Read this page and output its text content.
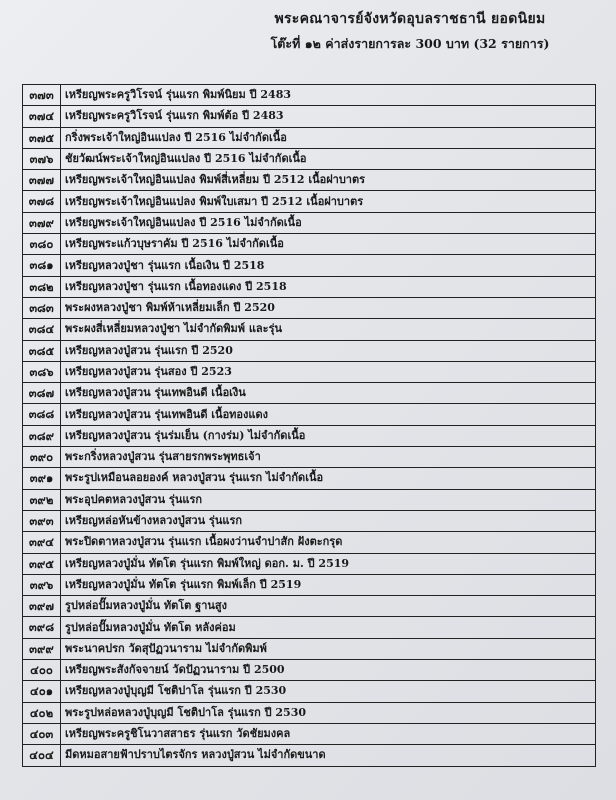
พระคณาจารย์จังหวัดอุบลราชธานี ยอดนิยม

โต๊ะที่ ๑๒ ค่าส่งรายการละ 300 บาท (32 รายการ)

๓๗๓	เหรียญพระครูวิโรจน์ รุ่นแรก พิมพ์นิยม ปี 2483
๓๗๔ เหรียญพระครูวิโรจน์ รุ่นแรก พิมพ์ต้อ ปี 2483
๓๗๕ กริ่งพระเจ้าใหญ่อินแปลง ปี 2516 ไม่จำกัดเนื้อ
๓๗๖	ชัยวัฒน์พระเจ้าใหญ่อินแปลง ปี 2516 ไม่จำกัดเนื้อ
๓๗๗ เหรียญพระเจ้าใหญ่อินแปลง พิมพ์สี่เหลี่ยม ปี 2512 เนื้อฝาบาตร
๓๗๘ เหรียญพระเจ้าใหญ่อินแปลง พิมพ์ใบเสมา ปี 2512 เนื้อฝาบาตร
๓๗๙	เหรียญพระเจ้าใหญ่อินแปลง ปี 2516 ไม่จำกัดเนื้อ
๓๘๐	เหรียญพระแก้วบุษราคัม ปี 2516 ไม่จำกัดเนื้อ
๓๘๑	เหรียญหลวงปู่ชา รุ่นแรก เนื้อเงิน ปี 2518
๓๘๒	เหรียญหลวงปู่ชา รุ่นแรก เนื้อทองแดง ปี 2518
๓๘๓	พระผงหลวงปู่ชา พิมพ์ห้าเหลี่ยมเล็ก ปี 2520
๓๘๔ พระผงสี่เหลี่ยมหลวงปู่ชา ไม่จำกัดพิมพ์ และรุ่น
๓๘๕ เหรียญหลวงปู่สวน รุ่นแรก ปี 2520
๓๘๖	เหรียญหลวงปู่สวน รุ่นสอง ปี 2523
๓๘๗ เหรียญหลวงปู่สวน รุ่นเทพอินดี เนื้อเงิน
๓๘๘ เหรียญหลวงปู่สวน รุ่นเทพอินดี เนื้อทองแดง
๓๘๙ เหรียญหลวงปู่สวน รุ่นร่มเย็น (กางร่ม) ไม่จำกัดเนื้อ
๓๙๐	พระกริ่งหลวงปู่สวน รุ่นสายรกพระพุทธเจ้า
๓๙๑	พระรูปเหมือนลอยองค์ หลวงปู่สวน รุ่นแรก ไม่จำกัดเนื้อ
๓๙๒	พระอุปคตหลวงปู่สวน รุ่นแรก
๓๙๓	เหรียญหล่อหันข้างหลวงปู่สวน รุ่นแรก
๓๙๔	พระปิดตาหลวงปู่สวน รุ่นแรก เนื้อผงว่านจำปาสัก ฝังตะกรุด
๓๙๕	เหรียญหลวงปู่มั่น ทัตโต รุ่นแรก พิมพ์ใหญ่ ดอก. ม. ปี 2519
๓๙๖	เหรียญหลวงปู่มั่น ทัตโต รุ่นแรก พิมพ์เล็ก ปี 2519
๓๙๗	รูปหล่อปั๊มหลวงปู่มั่น ทัตโต ฐานสูง
๓๙๘ รูปหล่อปั๊มหลวงปู่มั่น ทัตโต หลังค่อม
๓๙๙	พระนาคปรก วัดสุปัฏวนาราม ไม่จำกัดพิมพ์
๔๐๐	เหรียญพระสังกัจจายน์ วัดปัฏวนาราม ปี 2500
๔๐๑	เหรียญหลวงปู่บุญมี โชติปาโล รุ่นแรก ปี 2530
๔๐๒	พระรูปหล่อหลวงปู่บุญมี โชติปาโล รุ่นแรก ปี 2530
๔๐๓	เหรียญพระครูชิโนวาสสาธร รุ่นแรก วัดชัยมงคล
๔๐๔	มีดหมอสายฟ้าปราบไตรจักร หลวงปู่สวน ไม่จำกัดขนาด
